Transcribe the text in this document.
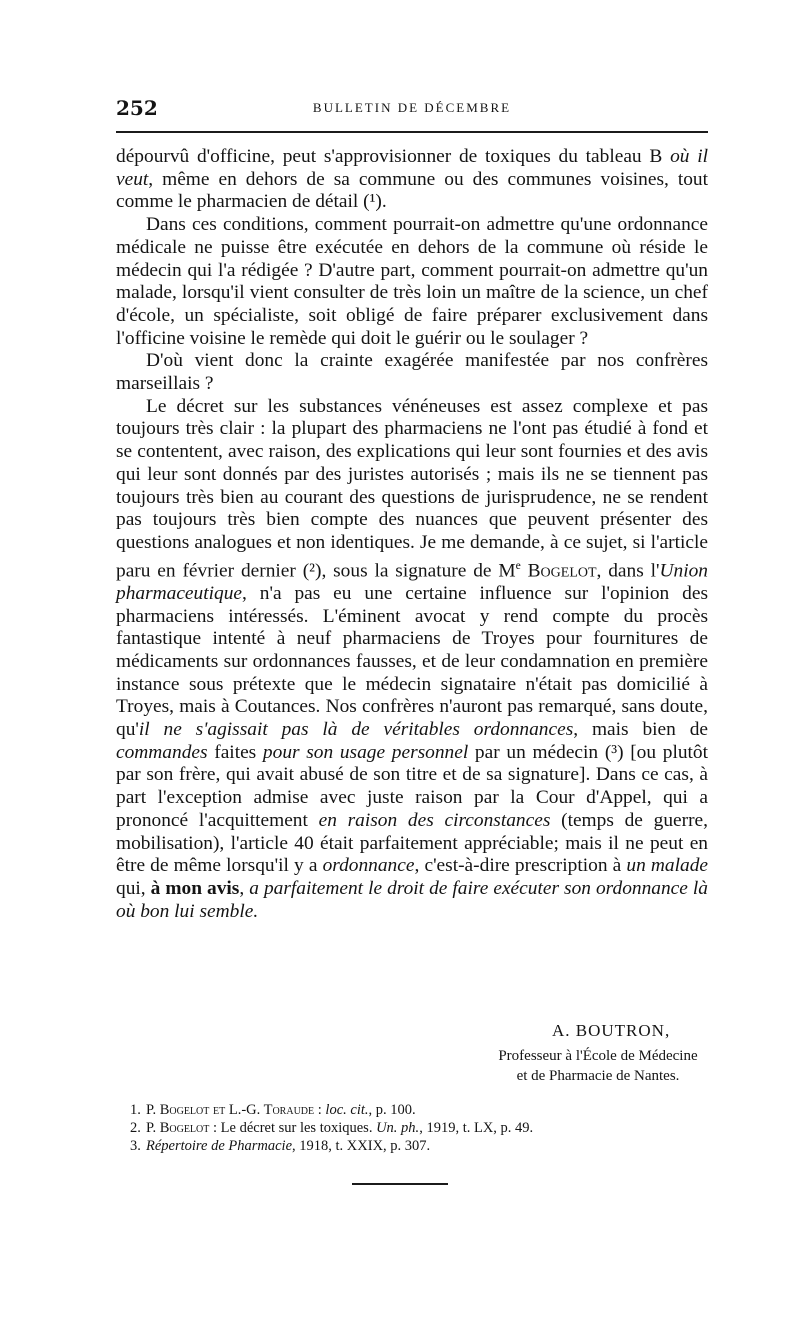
252	BULLETIN DE DÉCEMBRE

dépourvû d'officine, peut s'approvisionner de toxiques du tableau B où il veut, même en dehors de sa commune ou des communes voisines, tout comme le pharmacien de détail (¹).

Dans ces conditions, comment pourrait-on admettre qu'une ordonnance médicale ne puisse être exécutée en dehors de la commune où réside le médecin qui l'a rédigée ? D'autre part, comment pourrait-on admettre qu'un malade, lorsqu'il vient consulter de très loin un maître de la science, un chef d'école, un spécialiste, soit obligé de faire préparer exclusivement dans l'officine voisine le remède qui doit le guérir ou le soulager ?

D'où vient donc la crainte exagérée manifestée par nos confrères marseillais ?

Le décret sur les substances vénéneuses est assez complexe et pas toujours très clair : la plupart des pharmaciens ne l'ont pas étudié à fond et se contentent, avec raison, des explications qui leur sont fournies et des avis qui leur sont donnés par des juristes autorisés ; mais ils ne se tiennent pas toujours très bien au courant des questions de jurisprudence, ne se rendent pas toujours très bien compte des nuances que peuvent présenter des questions analogues et non identiques. Je me demande, à ce sujet, si l'article paru en février dernier (²), sous la signature de Me Bogelot, dans l'Union pharmaceutique, n'a pas eu une certaine influence sur l'opinion des pharmaciens intéressés. L'éminent avocat y rend compte du procès fantastique intenté à neuf pharmaciens de Troyes pour fournitures de médicaments sur ordonnances fausses, et de leur condamnation en première instance sous prétexte que le médecin signataire n'était pas domicilié à Troyes, mais à Coutances. Nos confrères n'auront pas remarqué, sans doute, qu'il ne s'agissait pas là de véritables ordonnances, mais bien de commandes faites pour son usage personnel par un médecin (³) [ou plutôt par son frère, qui avait abusé de son titre et de sa signature]. Dans ce cas, à part l'exception admise avec juste raison par la Cour d'Appel, qui a prononcé l'acquittement en raison des circonstances (temps de guerre, mobilisation), l'article 40 était parfaitement appréciable; mais il ne peut en être de même lorsqu'il y a ordonnance, c'est-à-dire prescription à un malade qui, à mon avis, a parfaitement le droit de faire exécuter son ordonnance là où bon lui semble.

A. BOUTRON,
Professeur à l'École de Médecine
et de Pharmacie de Nantes.
1. P. Bogelot et L.-G. Toraude : loc. cit., p. 100.
2. P. Bogelot : Le décret sur les toxiques. Un. ph., 1919, t. LX, p. 49.
3. Répertoire de Pharmacie, 1918, t. XXIX, p. 307.
